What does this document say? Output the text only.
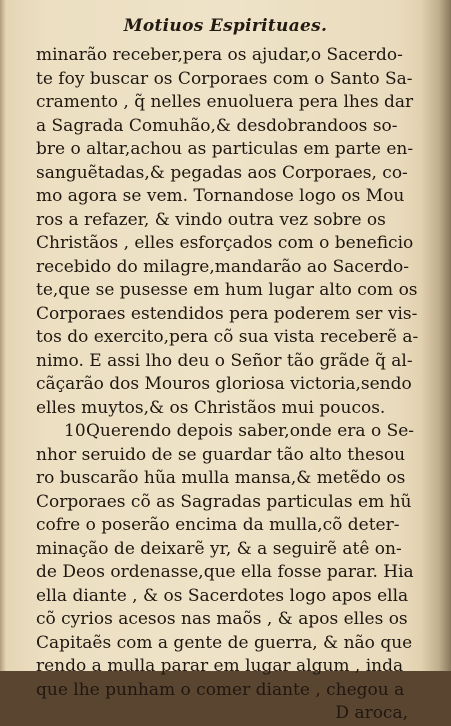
Motiuos Espirituaes.
minarão receber,pera os ajudar,o Sacerdo-
te foy buscar os Corporaes com o Santo Sa-
cramento , q̃ nelles enuoluera pera lhes dar
a Sagrada Comuhão,& desdobrandoos so-
bre o altar,achou as particulas em parte en-
sanguẽtadas,& pegadas aos Corporaes, co-
mo agora se vem. Tornandose logo os Mou
ros a refazer, & vindo outra vez sobre os
Christãos , elles esforçados com o beneficio
recebido do milagre,mandarão ao Sacerdo-
te,que se pusesse em hum lugar alto com os
Corporaes estendidos pera poderem ser vis-
tos do exercito,pera cõ sua vista receberẽ a-
nimo. E assi lho deu o Señor tão grãde q̃ al-
cãçarão dos Mouros gloriosa victoria,sendo
elles muytos,& os Christãos mui poucos.
10 Querendo depois saber,onde era o Se-
nhor seruido de se guardar tão alto thesou
ro buscarão hũa mulla mansa,& metẽdo os
Corporaes cõ as Sagradas particulas em hũ
cofre o poserão encima da mulla,cõ deter-
minação de deixarẽ yr, & a seguirẽ atê on-
de Deos ordenasse,que ella fosse parar. Hia
ella diante , & os Sacerdotes logo apos ella
cõ cyrios acesos nas maõs , & apos elles os
Capitaẽs com a gente de guerra, & não que
rendo a mulla parar em lugar algum , inda
que lhe punham o comer diante , chegou a
D aroca,
